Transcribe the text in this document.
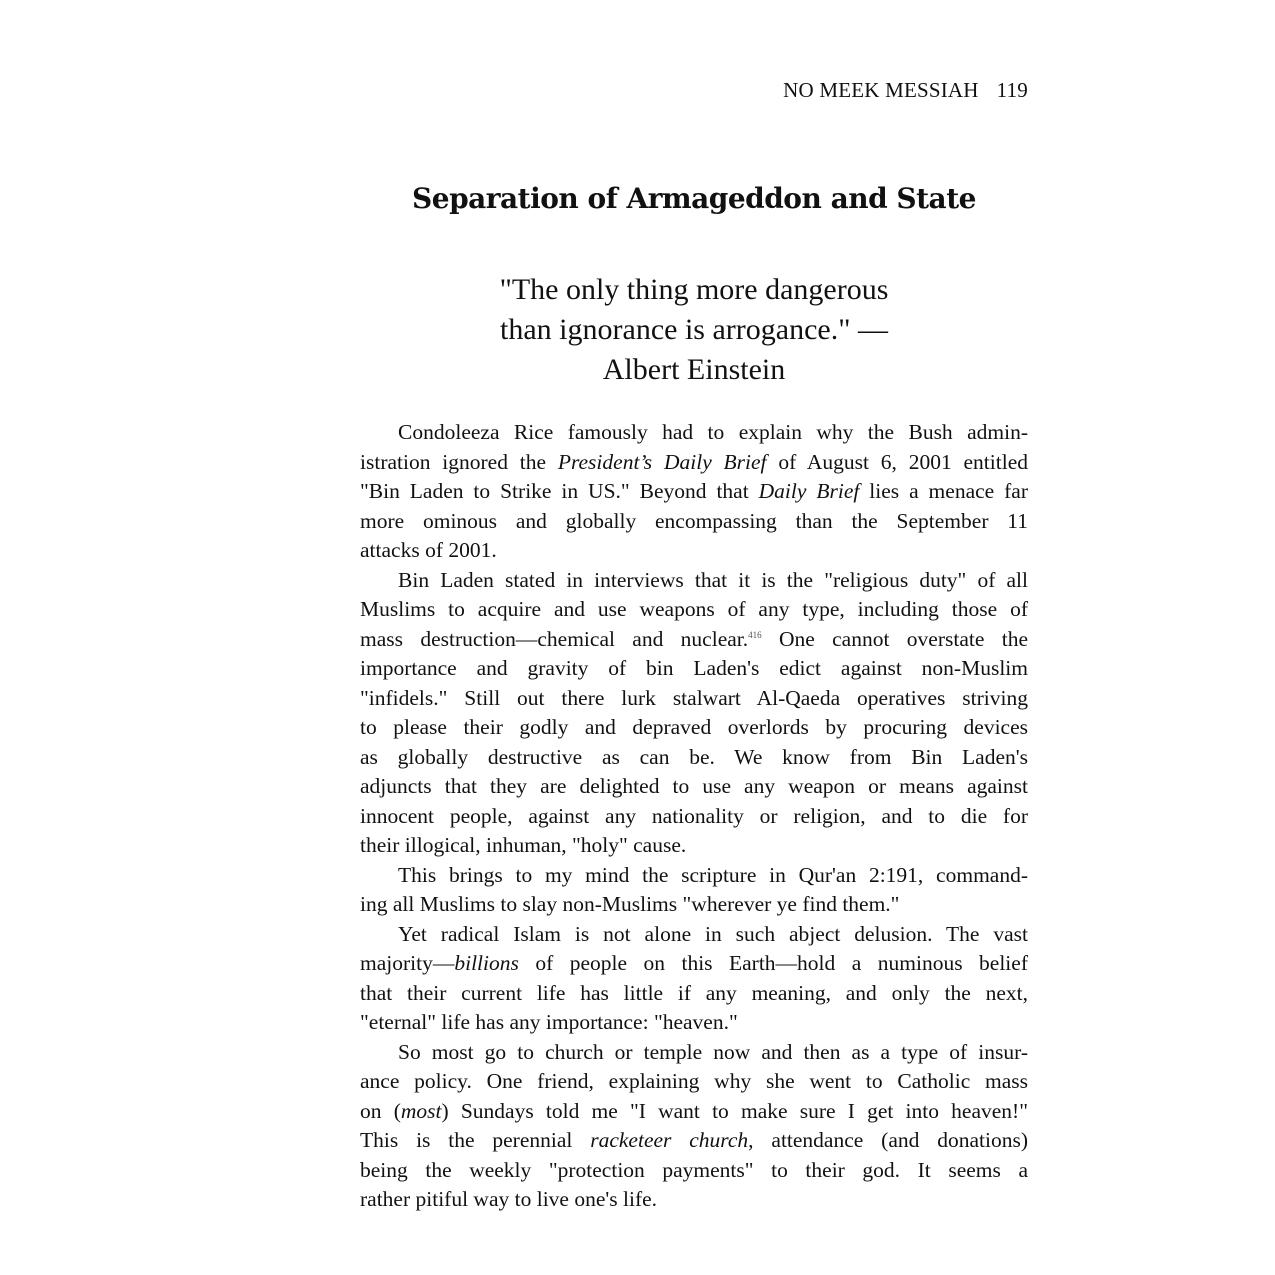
NO MEEK MESSIAH 119
Separation of Armageddon and State
"The only thing more dangerous
than ignorance is arrogance." —
Albert Einstein

Condoleeza Rice famously had to explain why the Bush admin-
istration ignored the President’s Daily Brief of August 6, 2001 entitled
"Bin Laden to Strike in US." Beyond that Daily Brief lies a menace far
more ominous and globally encompassing than the September 11
attacks of 2001.

Bin Laden stated in interviews that it is the "religious duty" of all
Muslims to acquire and use weapons of any type, including those of
mass destruction—chemical and nuclear.$^{416}$ One cannot overstate the
importance and gravity of bin Laden's edict against non-Muslim
"infidels." Still out there lurk stalwart Al-Qaeda operatives striving
to please their godly and depraved overlords by procuring devices
as globally destructive as can be. We know from Bin Laden's
adjuncts that they are delighted to use any weapon or means against
innocent people, against any nationality or religion, and to die for
their illogical, inhuman, "holy" cause.

This brings to my mind the scripture in Qur'an 2:191, command-
ing all Muslims to slay non-Muslims "wherever ye find them."

Yet radical Islam is not alone in such abject delusion. The vast
majority—billions of people on this Earth—hold a numinous belief
that their current life has little if any meaning, and only the next,
"eternal" life has any importance: "heaven."

So most go to church or temple now and then as a type of insur-
ance policy. One friend, explaining why she went to Catholic mass
on (most) Sundays told me "I want to make sure I get into heaven!"
This is the perennial racketeer church, attendance (and donations)
being the weekly "protection payments" to their god. It seems a
rather pitiful way to live one's life.
